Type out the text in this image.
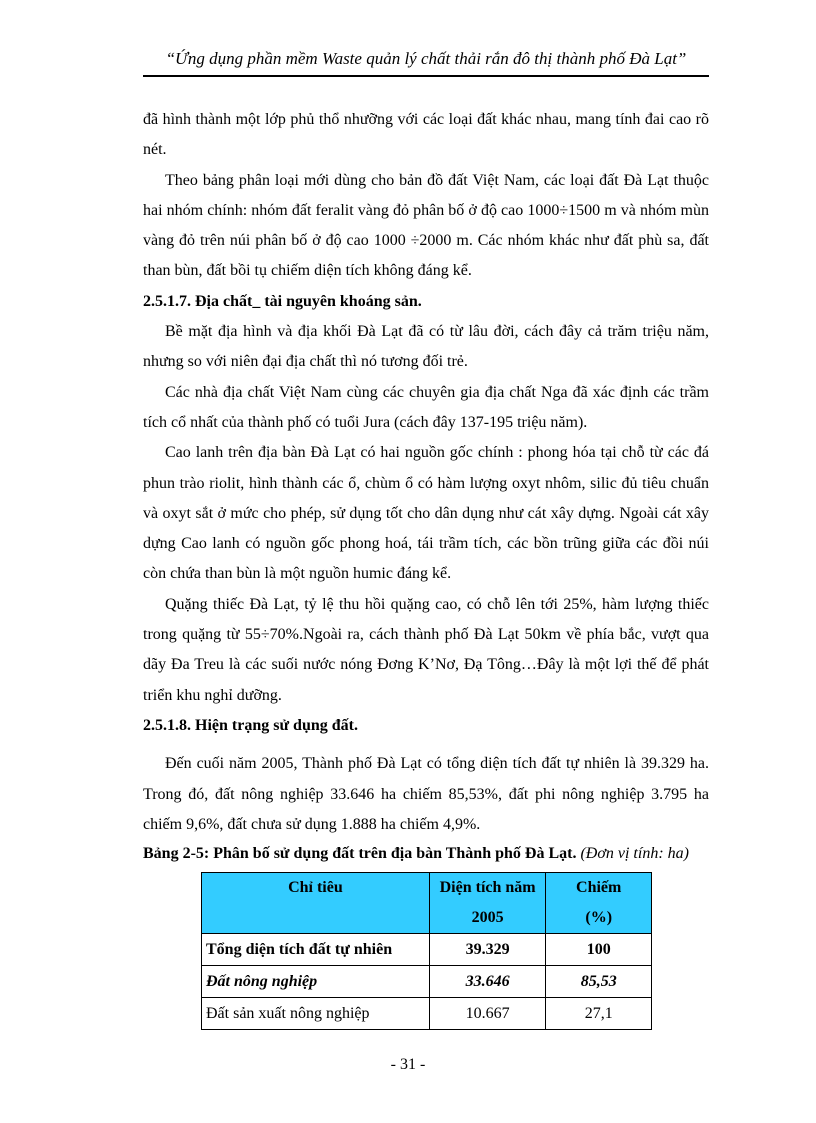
“Ứng dụng phần mềm Waste quản lý chất thải rắn đô thị thành phố Đà Lạt”

đã hình thành một lớp phủ thổ nhưỡng với các loại đất khác nhau, mang tính đai cao rõ nét.

Theo bảng phân loại mới dùng cho bản đồ đất Việt Nam, các loại đất Đà Lạt thuộc hai nhóm chính: nhóm đất feralit vàng đỏ phân bố ở độ cao 1000÷1500 m và nhóm mùn vàng đỏ trên núi phân bố ở độ cao 1000 ÷2000 m. Các nhóm khác như đất phù sa, đất than bùn, đất bồi tụ chiếm diện tích không đáng kể.

2.5.1.7. Địa chất_ tài nguyên khoáng sản.

Bề mặt địa hình và địa khối Đà Lạt đã có từ lâu đời, cách đây cả trăm triệu năm, nhưng so với niên đại địa chất thì nó tương đối trẻ.

Các nhà địa chất Việt Nam cùng các chuyên gia địa chất Nga đã xác định các trầm tích cổ nhất của thành phố có tuổi Jura (cách đây 137-195 triệu năm).

Cao lanh trên địa bàn Đà Lạt có hai nguồn gốc chính : phong hóa tại chỗ từ các đá phun trào riolit, hình thành các ổ, chùm ổ có hàm lượng oxyt nhôm, silic đủ tiêu chuẩn và oxyt sắt ở mức cho phép, sử dụng tốt cho dân dụng như cát xây dựng. Ngoài cát xây dựng Cao lanh có nguồn gốc phong hoá, tái trầm tích, các bồn trũng giữa các đồi núi còn chứa than bùn là một nguồn humic đáng kể.

Quặng thiếc Đà Lạt, tỷ lệ thu hồi quặng cao, có chỗ lên tới 25%, hàm lượng thiếc trong quặng từ 55÷70%.Ngoài ra, cách thành phố Đà Lạt 50km về phía bắc, vượt qua dãy Đa Treu là các suối nước nóng Đơng K’Nơ, Đạ Tông…Đây là một lợi thế để phát triển khu nghỉ dưỡng.

2.5.1.8. Hiện trạng sử dụng đất.

Đến cuối năm 2005, Thành phố Đà Lạt có tổng diện tích đất tự nhiên là 39.329 ha. Trong đó, đất nông nghiệp 33.646 ha chiếm 85,53%, đất phi nông nghiệp 3.795 ha chiếm 9,6%, đất chưa sử dụng 1.888 ha chiếm 4,9%.

Bảng 2-5: Phân bố sử dụng đất trên địa bàn Thành phố Đà Lạt. (Đơn vị tính: ha)
Chỉ tiêu	Diện tích năm	Chiếm
	2005	(%)
Tổng diện tích đất tự nhiên	39.329	100
Đất nông nghiệp	33.646	85,53
Đất sản xuất nông nghiệp	10.667	27,1
- 31 -
